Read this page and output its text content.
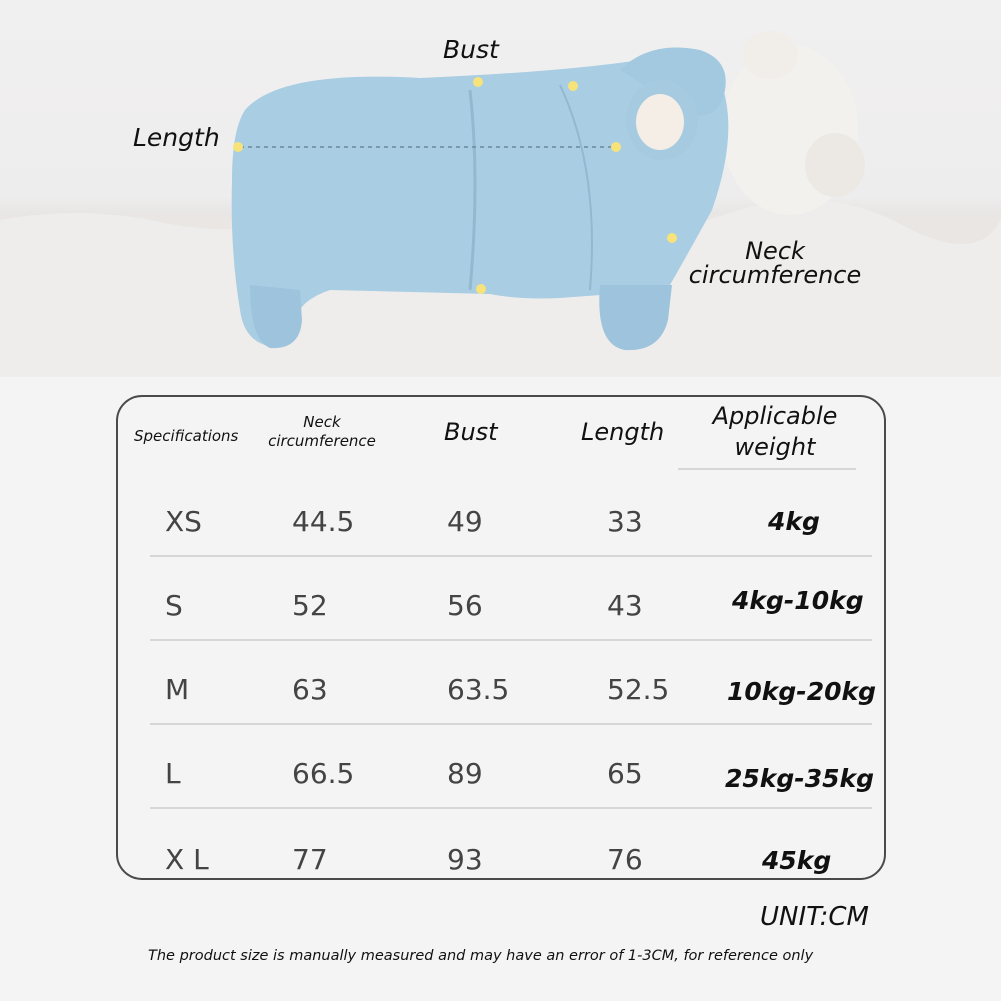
Bust
Length
Neck
circumference
Specifications
Neck
circumference	Bust	Length
Applicable
weight
XS	44.5	49	33	4kg
S	52	56	43	4kg-10kg
M	63	63.5	52.5 10kg-20kg
L	66.5	89	65	25kg-35kg
X L	77	93	76	45kg
UNIT:CM
The product size is manually measured and may have an error of 1-3CM, for reference only
